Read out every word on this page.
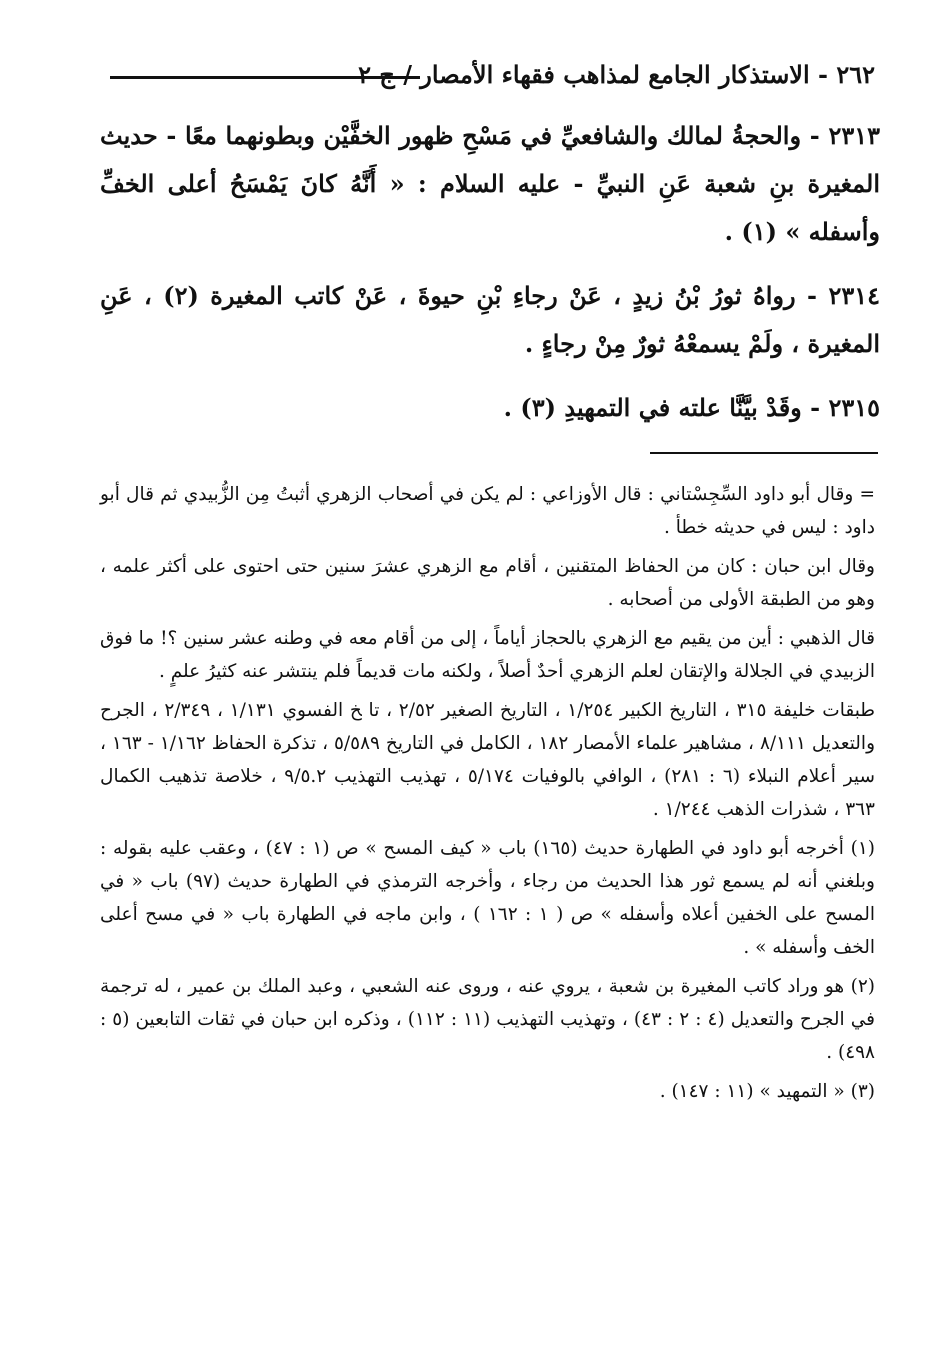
٢٦٢ - الاستذكار الجامع لمذاهب فقهاء الأمصار / ج ٢

٢٣١٣ - والحجةُ لمالك والشافعيِّ في مَسْحِ ظهور الخفَّيْن وبطونهما معًا - حديث المغيرة بنِ شعبة عَنِ النبيِّ - عليه السلام : « أَنَّهُ كانَ يَمْسَحُ أعلى الخفِّ وأسفله » (١) .

٢٣١٤ - رواهُ ثورُ بْنُ زيدٍ ، عَنْ رجاءِ بْنِ حيوةَ ، عَنْ كاتب المغيرة (٢) ، عَنِ المغيرة ، ولَمْ يسمعْهُ ثورٌ مِنْ رجاءٍ .

٢٣١٥ - وقَدْ بيَّنَّا علته في التمهيدِ (٣) .

= وقال أبو داود السِّجِسْتاني : قال الأوزاعي : لم يكن في أصحاب الزهري أثبتُ مِن الزُّبيدي ثم قال أبو داود : ليس في حديثه خطأ .

وقال ابن حبان : كان من الحفاظ المتقنين ، أقام مع الزهري عشرَ سنين حتى احتوى على أكثر علمه ، وهو من الطبقة الأولى من أصحابه .

قال الذهبي : أين من يقيم مع الزهري بالحجاز أياماً ، إلى من أقام معه في وطنه عشر سنين ؟! ما فوق الزبيدي في الجلالة والإتقان لعلم الزهري أحدٌ أصلاً ، ولكنه مات قديماً فلم ينتشر عنه كثيرُ علمٍ .

طبقات خليفة ٣١٥ ، التاريخ الكبير ١/٢٥٤ ، التاريخ الصغير ٢/٥٢ ، تا‍ ‍خ الفسوي ١/١٣١ ، ٢/٣٤٩ ، الجرح والتعديل ٨/١١١ ، مشاهير علماء الأمصار ١٨٢ ، الكامل في التاريخ ٥/٥٨٩ ، تذكرة الحفاظ ١/١٦٢ - ١٦٣ ، سير أعلام النبلاء (٦ : ٢٨١) ، الوافي بالوفيات ٥/١٧٤ ، تهذيب التهذيب ٩/٥.٢ ، خلاصة تذهيب الكمال ٣٦٣ ، شذرات الذهب ١/٢٤٤ .

(١) أخرجه أبو داود في الطهارة حديث (١٦٥) باب « كيف المسح » ص (١ : ٤٧) ، وعقب عليه بقوله : وبلغني أنه لم يسمع ثور هذا الحديث من رجاء ، وأخرجه الترمذي في الطهارة حديث (٩٧) باب « في المسح على الخفين أعلاه وأسفله » ص ( ١ : ١٦٢ ) ، وابن ماجه في الطهارة باب « في مسح أعلى الخف وأسفله » .

(٢) هو وراد كاتب المغيرة بن شعبة ، يروي عنه ، وروى عنه الشعبي ، وعبد الملك بن عمير ، له ترجمة في الجرح والتعديل (٤ : ٢ : ٤٣) ، وتهذيب التهذيب (١١ : ١١٢) ، وذكره ابن حبان في ثقات التابعين (٥ : ٤٩٨) .

(٣) « التمهيد » (١١ : ١٤٧) .
